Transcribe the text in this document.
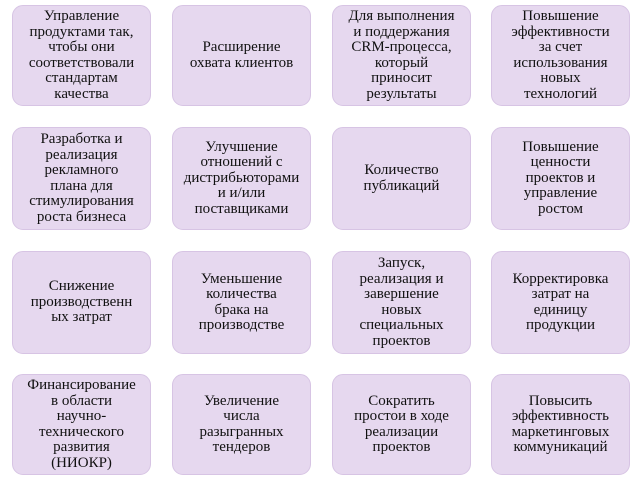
Управление
продуктами так,
чтобы они
соответствовали
стандартам
качества
Расширение
охвата клиентов
Для выполнения
и поддержания
CRM-процесса,
который
приносит
результаты
Повышение
эффективности
за счет
использования
новых
технологий
Разработка и
реализация
рекламного
плана для
стимулирования
роста бизнеса
Улучшение
отношений с
дистрибьюторами
и и/или
поставщиками
Количество
публикаций
Повышение
ценности
проектов и
управление
ростом
Снижение
производственн
ых затрат
Уменьшение
количества
брака на
производстве
Запуск,
реализация и
завершение
новых
специальных
проектов
Корректировка
затрат на
единицу
продукции
Финансирование
в области
научно-
технического
развития
(НИОКР)
Увеличение
числа
разыгранных
тендеров
Сократить
простои в ходе
реализации
проектов
Повысить
эффективность
маркетинговых
коммуникаций
